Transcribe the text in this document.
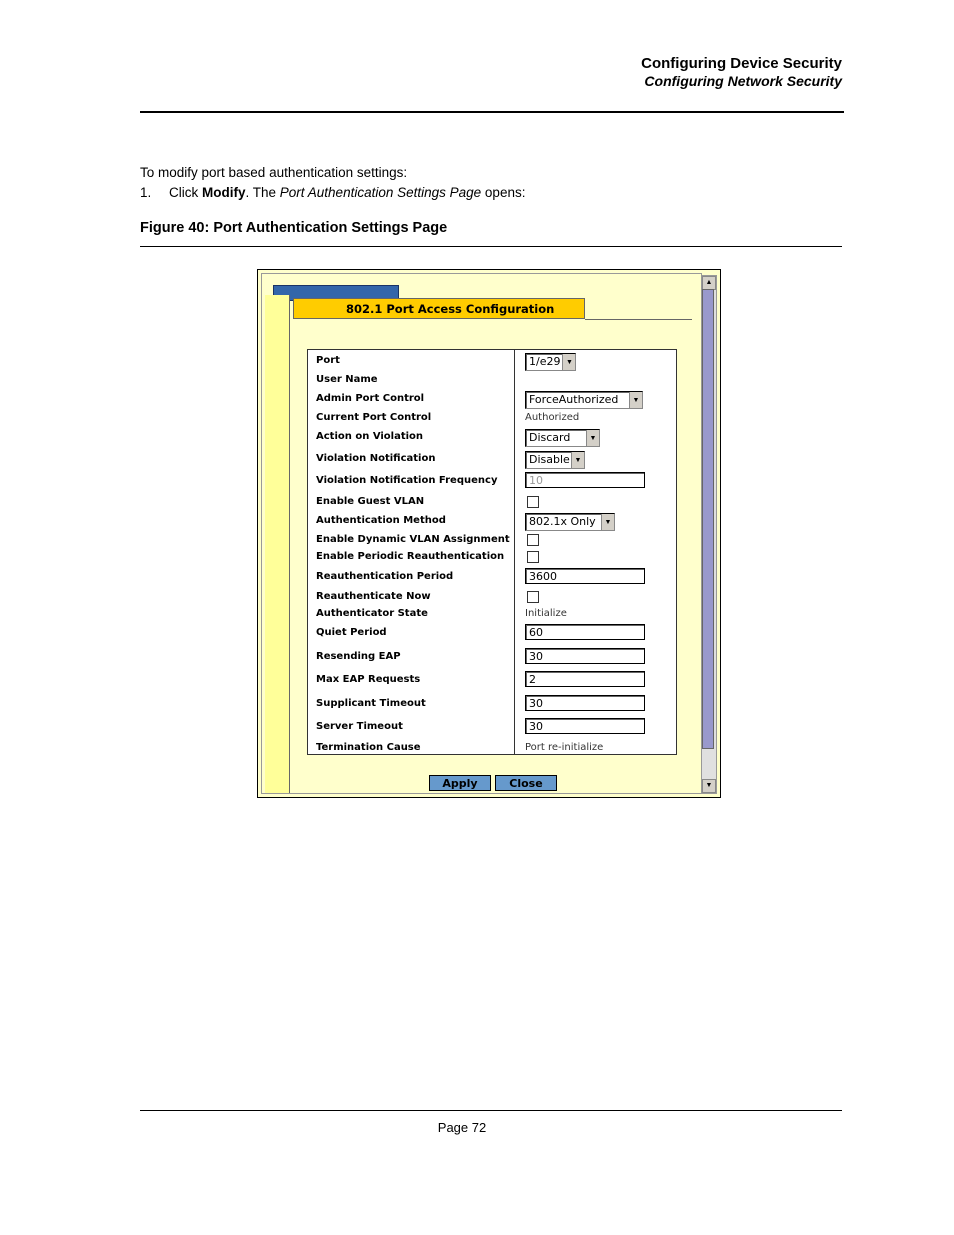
Configuring Device Security
Configuring Network Security
To modify port based authentication settings:
1. Click Modify. The Port Authentication Settings Page opens:
Figure 40: Port Authentication Settings Page
802.1 Port Access Configuration
Port	1/e29 ▼
User Name
Admin Port Control	ForceAuthorized	▼
Current Port Control	Authorized
Action on Violation	Discard	▼
Violation Notification	Disable ▼
Violation Notification Frequency	10
Enable Guest VLAN
Authentication Method	802.1x Only	▼
Enable Dynamic VLAN Assignment
Enable Periodic Reauthentication
Reauthentication Period	3600
Reauthenticate Now
Authenticator State	Initialize
Quiet Period	60
Resending EAP	30
Max EAP Requests	2
Supplicant Timeout	30
Server Timeout	30
Termination Cause	Port re-initialize
Apply	Close
▲
▼
Page 72
